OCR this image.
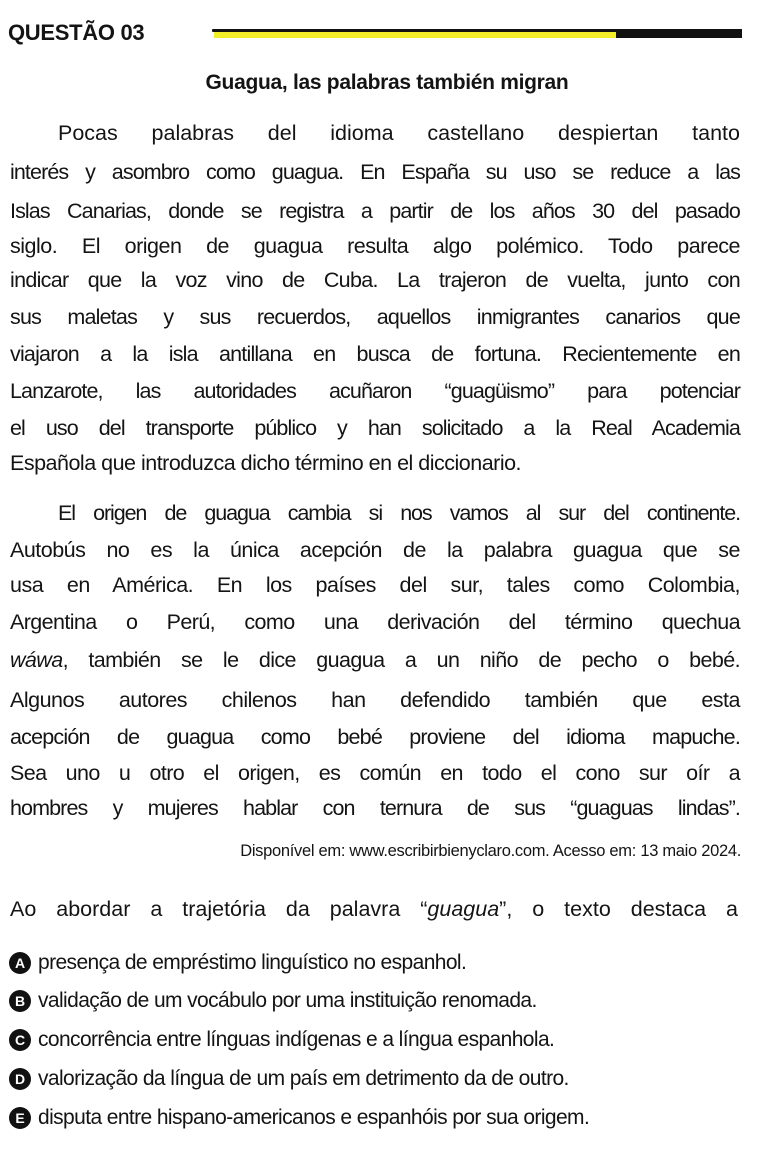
QUESTÃO 03
Guagua, las palabras también migran
Pocas palabras del idioma castellano despiertan tanto
interés y asombro como guagua. En España su uso se reduce a las
Islas Canarias, donde se registra a partir de los años 30 del pasado
siglo. El origen de guagua resulta algo polémico. Todo parece
indicar que la voz vino de Cuba. La trajeron de vuelta, junto con
sus maletas y sus recuerdos, aquellos inmigrantes canarios que
viajaron a la isla antillana en busca de fortuna. Recientemente en
Lanzarote, las autoridades acuñaron “guagüismo” para potenciar
el uso del transporte público y han solicitado a la Real Academia
Española que introduzca dicho término en el diccionario.
El origen de guagua cambia si nos vamos al sur del continente.
Autobús no es la única acepción de la palabra guagua que se
usa en América. En los países del sur, tales como Colombia,
Argentina o Perú, como una derivación del término quechua
wáwa, también se le dice guagua a un niño de pecho o bebé.
Algunos autores chilenos han defendido también que esta
acepción de guagua como bebé proviene del idioma mapuche.
Sea uno u otro el origen, es común en todo el cono sur oír a
hombres y mujeres hablar con ternura de sus “guaguas lindas”.
Disponível em: www.escribirbienyclaro.com. Acesso em: 13 maio 2024.
Ao abordar a trajetória da palavra “guagua”, o texto destaca a
A presença de empréstimo linguístico no espanhol.
B validação de um vocábulo por uma instituição renomada.
C concorrência entre línguas indígenas e a língua espanhola.
D valorização da língua de um país em detrimento da de outro.
E disputa entre hispano-americanos e espanhóis por sua origem.
